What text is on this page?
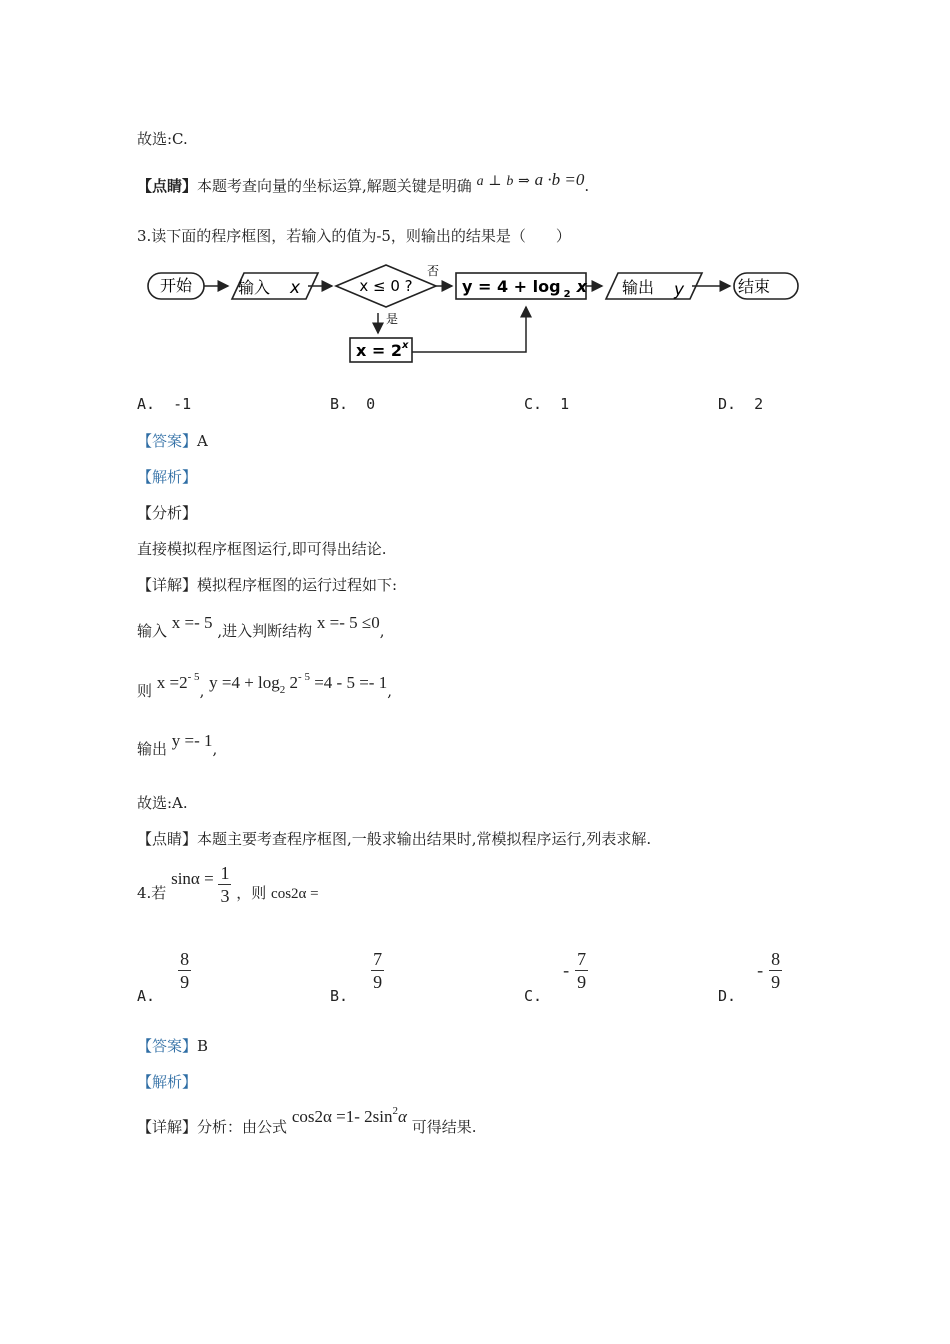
故选:C.
【点睛】本题考查向量的坐标运算,解题关键是明确 a ⊥ b ⇒ a ·b =0.
3.读下面的程序框图，若输入的值为-5，则输出的结果是（　　）
开始	输入 x	x ≤ 0 ?
否
y = 4 + log $_2$ x 输出 y	结束
是
$x = 2^x$
A. -1	B. 0	C. 1	D. 2
【答案】A
【解析】
【分析】
直接模拟程序框图运行,即可得出结论.
【详解】模拟程序框图的运行过程如下:
输入 x =- 5 ,进入判断结构 x =- 5 ≤0,
则 $x =2^{- 5}$, $y =4 + \log_2 2^{- 5} =4 - 5 =- 1$,
输出 y =- 1,
故选:A.
【点睛】本题主要考查程序框图,一般求输出结果时,常模拟程序运行,列表求解.
4.若 $\sin\alpha = \frac{1}{3}$ ，则 cos2α =
A.
$\frac{8}{9}$
B.
$\frac{7}{9}$
C. - $\frac{7}{9}$
D. - $\frac{8}{9}$
【答案】B
【解析】
【详解】分析：由公式 cos2α =1- $2\sin^2\alpha$ 可得结果.
